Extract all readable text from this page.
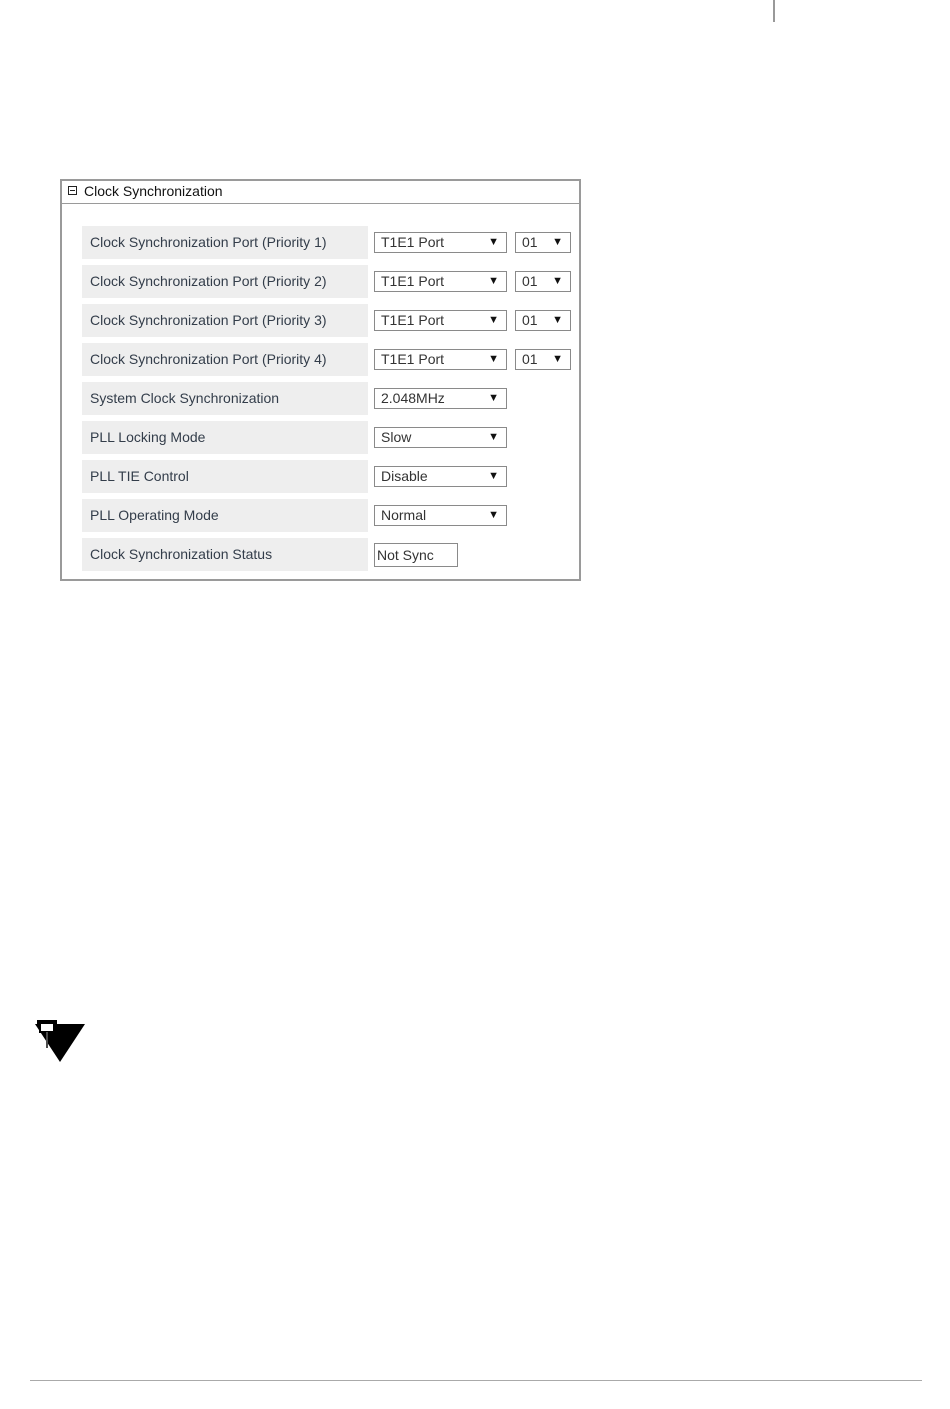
Clock Synchronization
Clock Synchronization Port (Priority 1)	T1E1 Port	▼	01 ▼
Clock Synchronization Port (Priority 2)	T1E1 Port	▼	01 ▼
Clock Synchronization Port (Priority 3)	T1E1 Port	▼	01 ▼
Clock Synchronization Port (Priority 4)	T1E1 Port	▼	01 ▼
System Clock Synchronization	2.048MHz	▼
PLL Locking Mode	Slow	▼
PLL TIE Control	Disable	▼
PLL Operating Mode	Normal	▼
Clock Synchronization Status	Not Sync
